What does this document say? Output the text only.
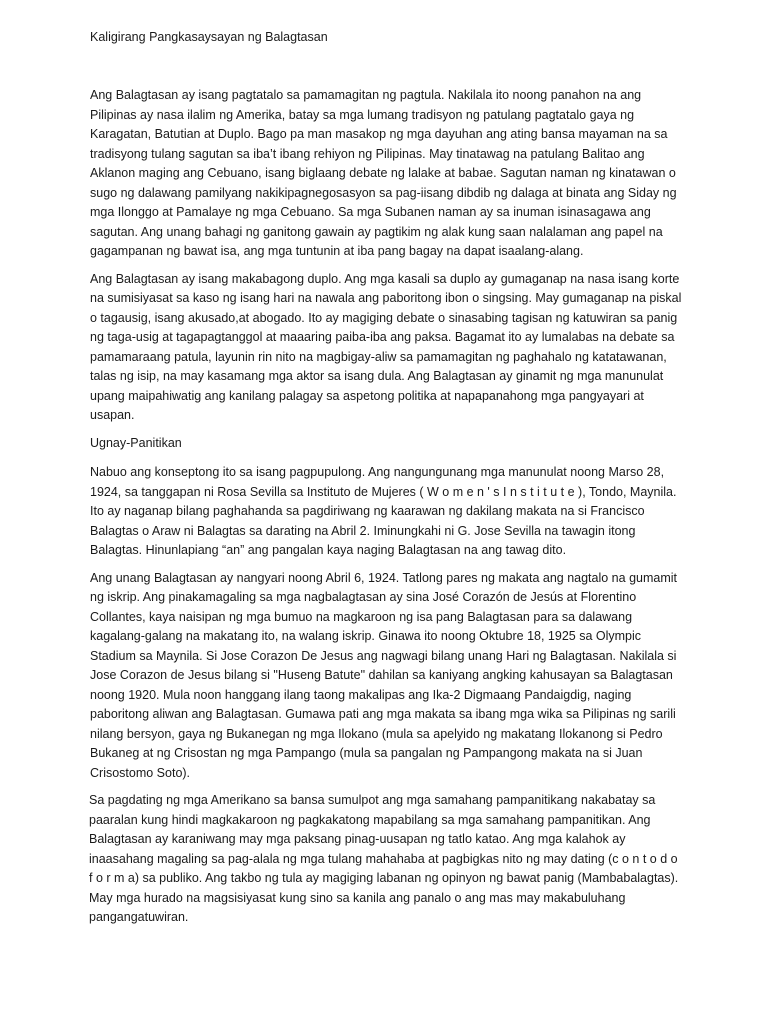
Kaligirang Pangkasaysayan ng Balagtasan

Ang Balagtasan ay isang pagtatalo sa pamamagitan ng pagtula. Nakilala ito noong panahon na ang Pilipinas ay nasa ilalim ng Amerika, batay sa mga lumang tradisyon ng patulang pagtatalo gaya ng Karagatan, Batutian at Duplo. Bago pa man masakop ng mga dayuhan ang ating bansa mayaman na sa tradisyong tulang sagutan sa iba’t ibang rehiyon ng Pilipinas. May tinatawag na patulang Balitao ang Aklanon maging ang Cebuano, isang biglaang debate ng lalake at babae. Sagutan naman ng kinatawan o sugo ng dalawang pamilyang nakikipagnegosasyon sa pag-iisang dibdib ng dalaga at binata ang Siday ng mga Ilonggo at Pamalaye ng mga Cebuano. Sa mga Subanen naman ay sa inuman isinasagawa ang sagutan. Ang unang bahagi ng ganitong gawain ay pagtikim ng alak kung saan nalalaman ang papel na gagampanan ng bawat isa, ang mga tuntunin at iba pang bagay na dapat isaalang-alang.

Ang Balagtasan ay isang makabagong duplo. Ang mga kasali sa duplo ay gumaganap na nasa isang korte na sumisiyasat sa kaso ng isang hari na nawala ang paboritong ibon o singsing. May gumaganap na piskal o tagausig, isang akusado,at abogado. Ito ay magiging debate o sinasabing tagisan ng katuwiran sa panig ng taga-usig at tagapagtanggol at maaaring paiba-iba ang paksa. Bagamat ito ay lumalabas na debate sa pamamaraang patula, layunin rin nito na magbigay-aliw sa pamamagitan ng paghahalo ng katatawanan, talas ng isip, na may kasamang mga aktor sa isang dula. Ang Balagtasan ay ginamit ng mga manunulat upang maipahiwatig ang kanilang palagay sa aspetong politika at napapanahong mga pangyayari at usapan.

Ugnay-Panitikan

Nabuo ang konseptong ito sa isang pagpupulong. Ang nangungunang mga manunulat noong Marso 28, 1924, sa tanggapan ni Rosa Sevilla sa Instituto de Mujeres ( W o m e n ' s I n s t i t u t e ), Tondo, Maynila. Ito ay naganap bilang paghahanda sa pagdiriwang ng kaarawan ng dakilang makata na si Francisco Balagtas o Araw ni Balagtas sa darating na Abril 2. Iminungkahi ni G. Jose Sevilla na tawagin itong Balagtas. Hinunlapiang “an” ang pangalan kaya naging Balagtasan na ang tawag dito.

Ang unang Balagtasan ay nangyari noong Abril 6, 1924. Tatlong pares ng makata ang nagtalo na gumamit ng iskrip. Ang pinakamagaling sa mga nagbalagtasan ay sina José Corazón de Jesús at Florentino Collantes, kaya naisipan ng mga bumuo na magkaroon ng isa pang Balagtasan para sa dalawang kagalang-galang na makatang ito, na walang iskrip. Ginawa ito noong Oktubre 18, 1925 sa Olympic Stadium sa Maynila. Si Jose Corazon De Jesus ang nagwagi bilang unang Hari ng Balagtasan. Nakilala si Jose Corazon de Jesus bilang si "Huseng Batute" dahilan sa kaniyang angking kahusayan sa Balagtasan noong 1920. Mula noon hanggang ilang taong makalipas ang Ika-2 Digmaang Pandaigdig, naging paboritong aliwan ang Balagtasan. Gumawa pati ang mga makata sa ibang mga wika sa Pilipinas ng sarili nilang bersyon, gaya ng Bukanegan ng mga Ilokano (mula sa apelyido ng makatang Ilokanong si Pedro Bukaneg at ng Crisostan ng mga Pampango (mula sa pangalan ng Pampangong makata na si Juan Crisostomo Soto).

Sa pagdating ng mga Amerikano sa bansa sumulpot ang mga samahang pampanitikang nakabatay sa paaralan kung hindi magkakaroon ng pagkakatong mapabilang sa mga samahang pampanitikan. Ang Balagtasan ay karaniwang may mga paksang pinag-uusapan ng tatlo katao. Ang mga kalahok ay inaasahang magaling sa pag-alala ng mga tulang mahahaba at pagbigkas nito ng may dating (c o n t o d o f o r m a) sa publiko. Ang takbo ng tula ay magiging labanan ng opinyon ng bawat panig (Mambabalagtas). May mga hurado na magsisiyasat kung sino sa kanila ang panalo o ang mas may makabuluhang pangangatuwiran.
